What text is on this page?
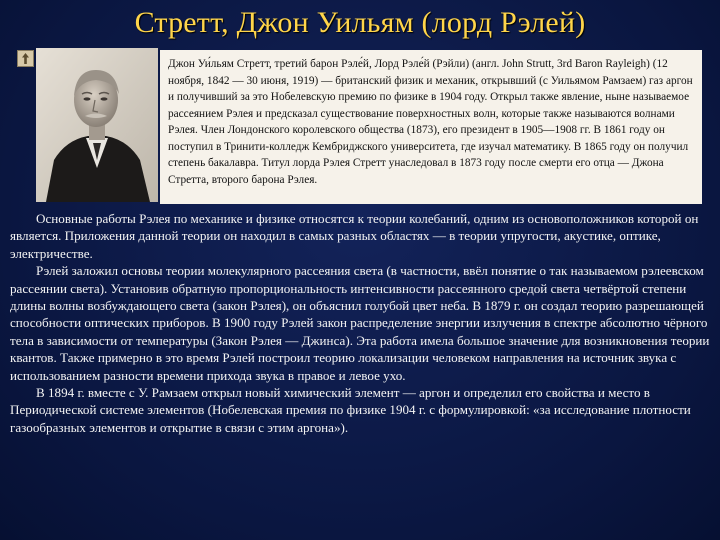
Стретт, Джон Уильям (лорд Рэлей)
Джон Уи́льям Стретт, третий барон Рэле́й, Лорд Рэле́й (Рэйли) (англ. John Strutt, 3rd Baron Rayleigh) (12 ноября, 1842 — 30 июня, 1919) — британский физик и механик, открывший (с Уильямом Рамзаем) газ аргон и получивший за это Нобелевскую премию по физике в 1904 году. Открыл также явление, ныне называемое рассеянием Рэлея и предсказал существование поверхностных волн, которые также называются волнами Рэлея. Член Лондонского королевского общества (1873), его президент в 1905—1908 гг. В 1861 году он поступил в Тринити-колледж Кембриджского университета, где изучал математику. В 1865 году он получил степень бакалавра. Титул лорда Рэлея Стретт унаследовал в 1873 году после смерти его отца — Джона Стретта, второго барона Рэлея.

Основные работы Рэлея по механике и физике относятся к теории колебаний, одним из основоположников которой он является. Приложения данной теории он находил в самых разных областях — в теории упругости, акустике, оптике, электричестве.

Рэлей заложил основы теории молекулярного рассеяния света (в частности, ввёл понятие о так называемом рэлеевском рассеянии света). Установив обратную пропорциональность интенсивности рассеянного средой света четвёртой степени длины волны возбуждающего света (закон Рэлея), он объяснил голубой цвет неба. В 1879 г. он создал теорию разрешающей способности оптических приборов. В 1900 году Рэлей закон распределение энергии излучения в спектре абсолютно чёрного тела в зависимости от температуры (Закон Рэлея — Джинса). Эта работа имела большое значение для возникновения теории квантов. Также примерно в это время Рэлей построил теорию локализации человеком направления на источник звука с использованием разности времени прихода звука в правое и левое ухо.

В 1894 г. вместе с У. Рамзаем открыл новый химический элемент — аргон и определил его свойства и место в Периодической системе элементов (Нобелевская премия по физике 1904 г. с формулировкой: «за исследование плотности газообразных элементов и открытие в связи с этим аргона»).
